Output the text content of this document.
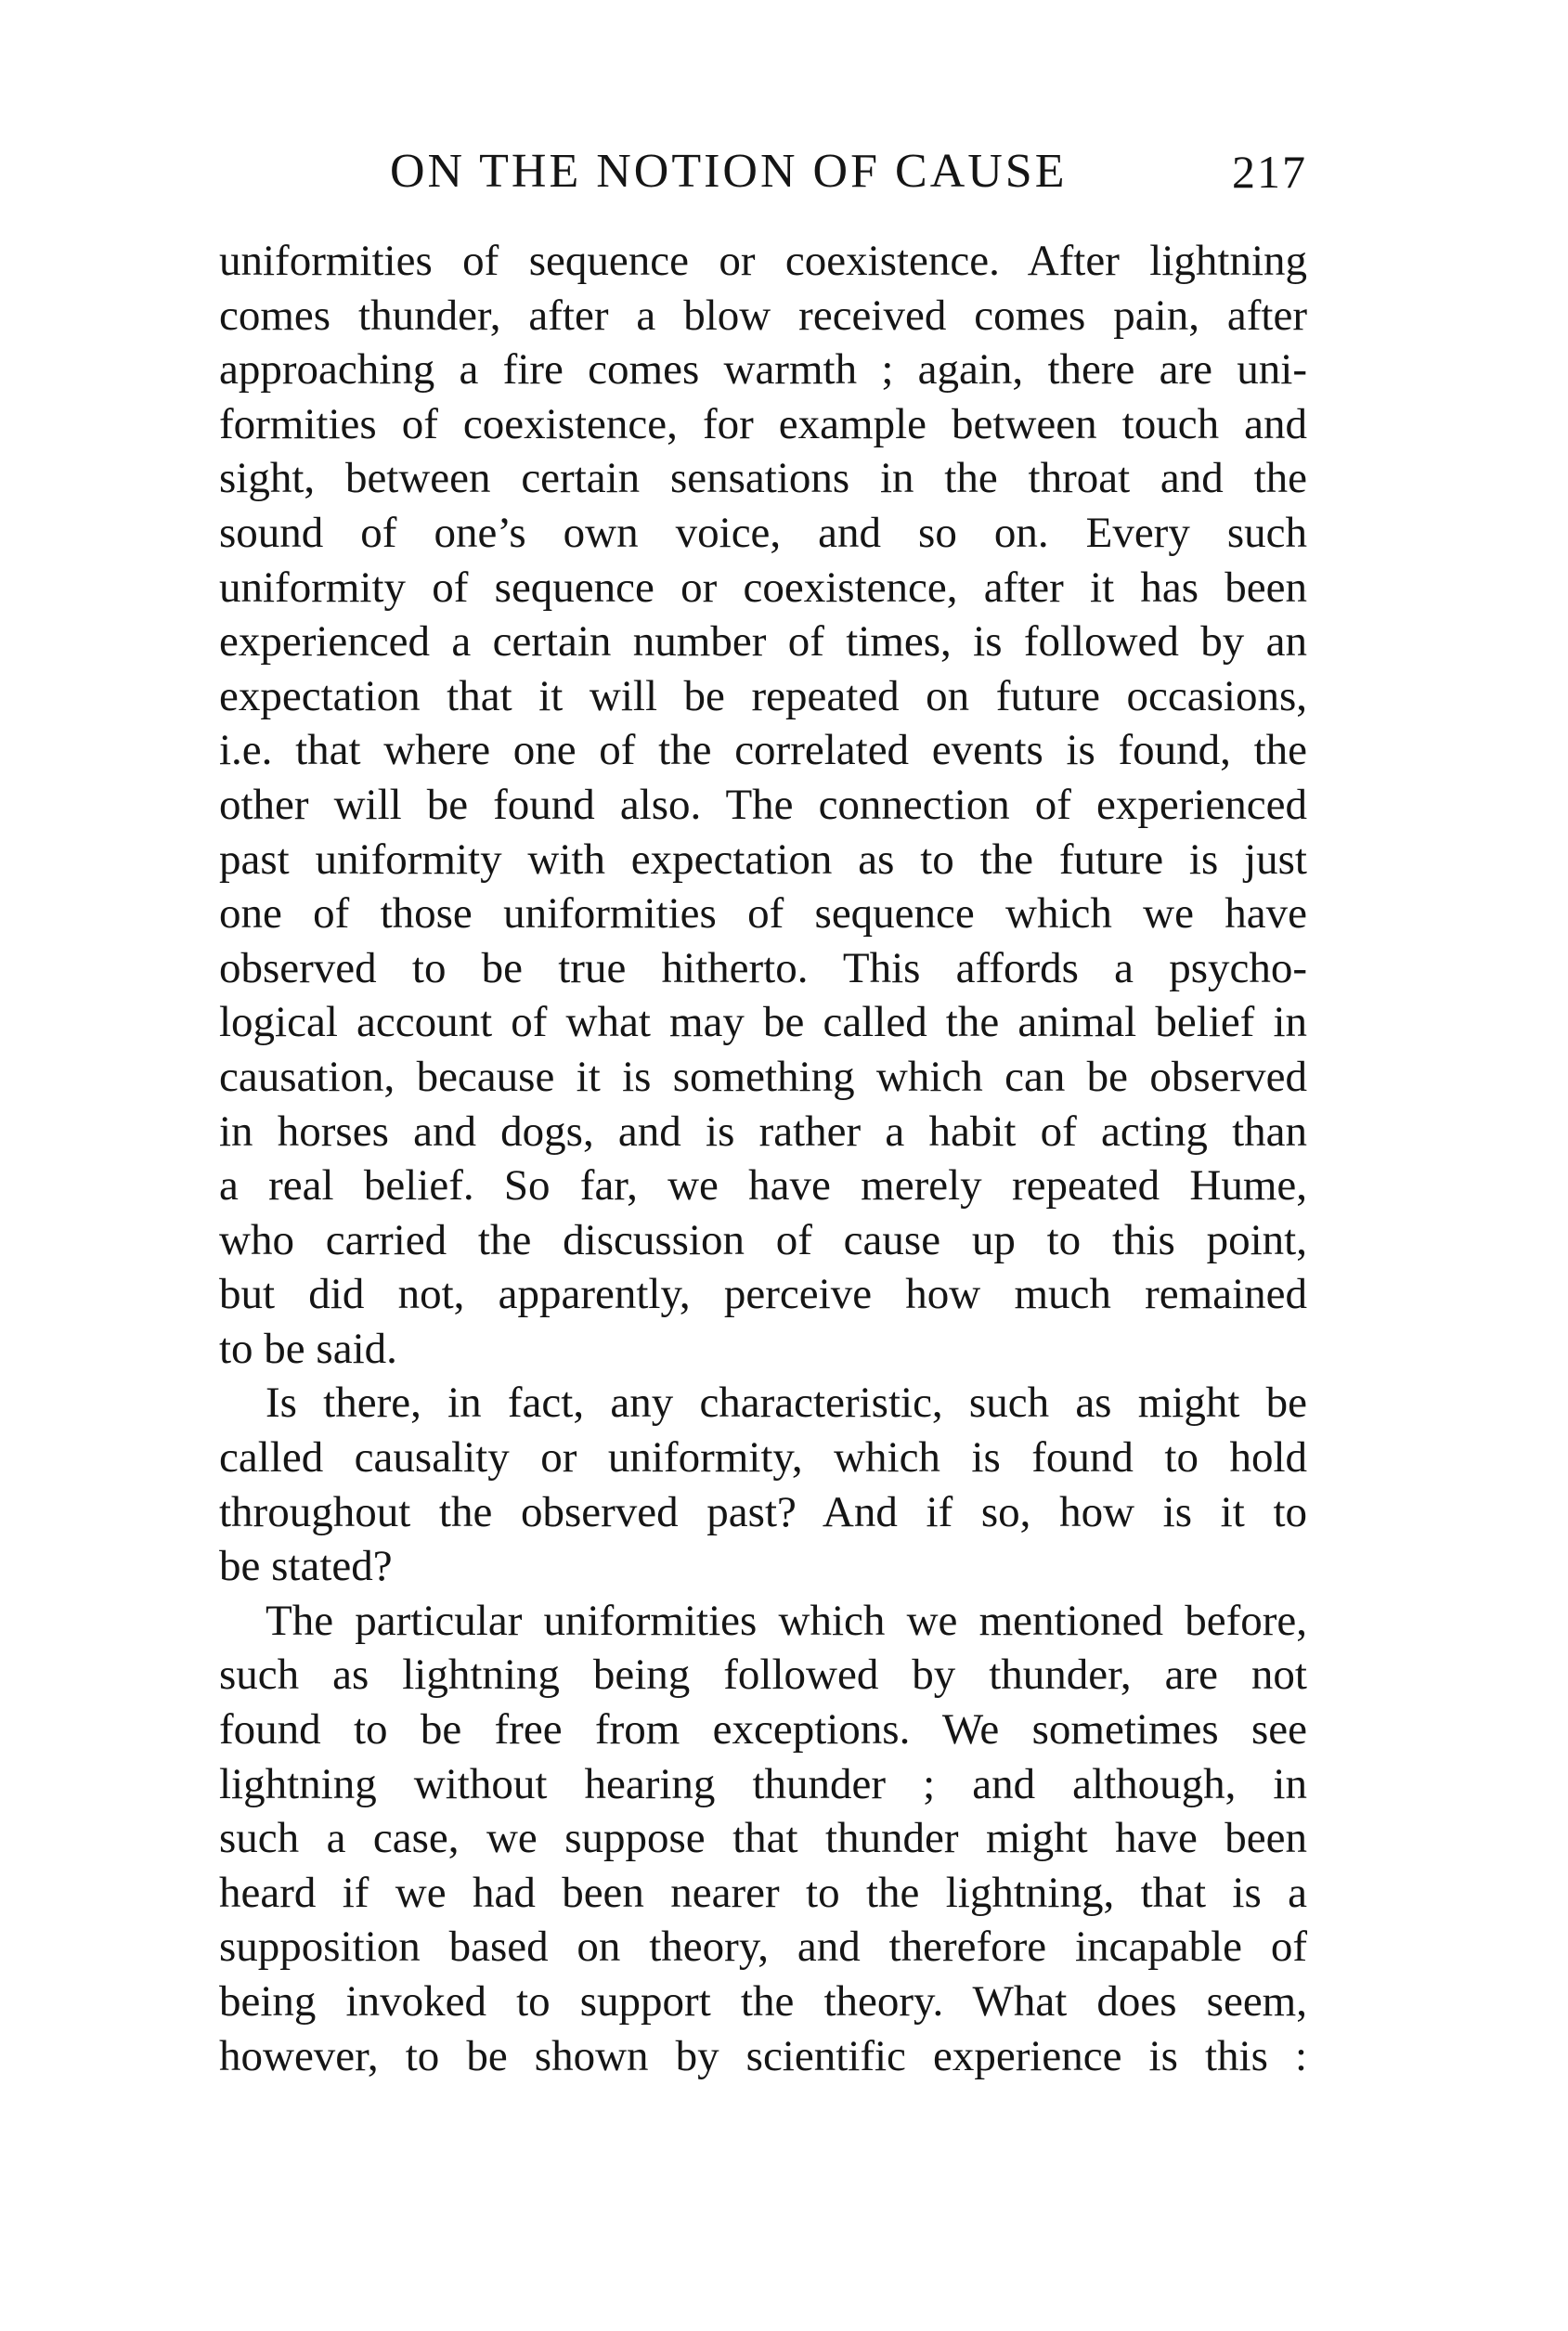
ON THE NOTION OF CAUSE	217
uniformities of sequence or coexistence. After lightning
comes thunder, after a blow received comes pain, after
approaching a fire comes warmth ; again, there are uni-
formities of coexistence, for example between touch and
sight, between certain sensations in the throat and the
sound of one’s own voice, and so on. Every such
uniformity of sequence or coexistence, after it has been
experienced a certain number of times, is followed by an
expectation that it will be repeated on future occasions,
i.e. that where one of the correlated events is found, the
other will be found also. The connection of experienced
past uniformity with expectation as to the future is just
one of those uniformities of sequence which we have
observed to be true hitherto. This affords a psycho-
logical account of what may be called the animal belief in
causation, because it is something which can be observed
in horses and dogs, and is rather a habit of acting than
a real belief. So far, we have merely repeated Hume,
who carried the discussion of cause up to this point,
but did not, apparently, perceive how much remained
to be said.
Is there, in fact, any characteristic, such as might be
called causality or uniformity, which is found to hold
throughout the observed past? And if so, how is it to
be stated?
The particular uniformities which we mentioned before,
such as lightning being followed by thunder, are not
found to be free from exceptions. We sometimes see
lightning without hearing thunder ; and although, in
such a case, we suppose that thunder might have been
heard if we had been nearer to the lightning, that is a
supposition based on theory, and therefore incapable of
being invoked to support the theory. What does seem,
however, to be shown by scientific experience is this :
